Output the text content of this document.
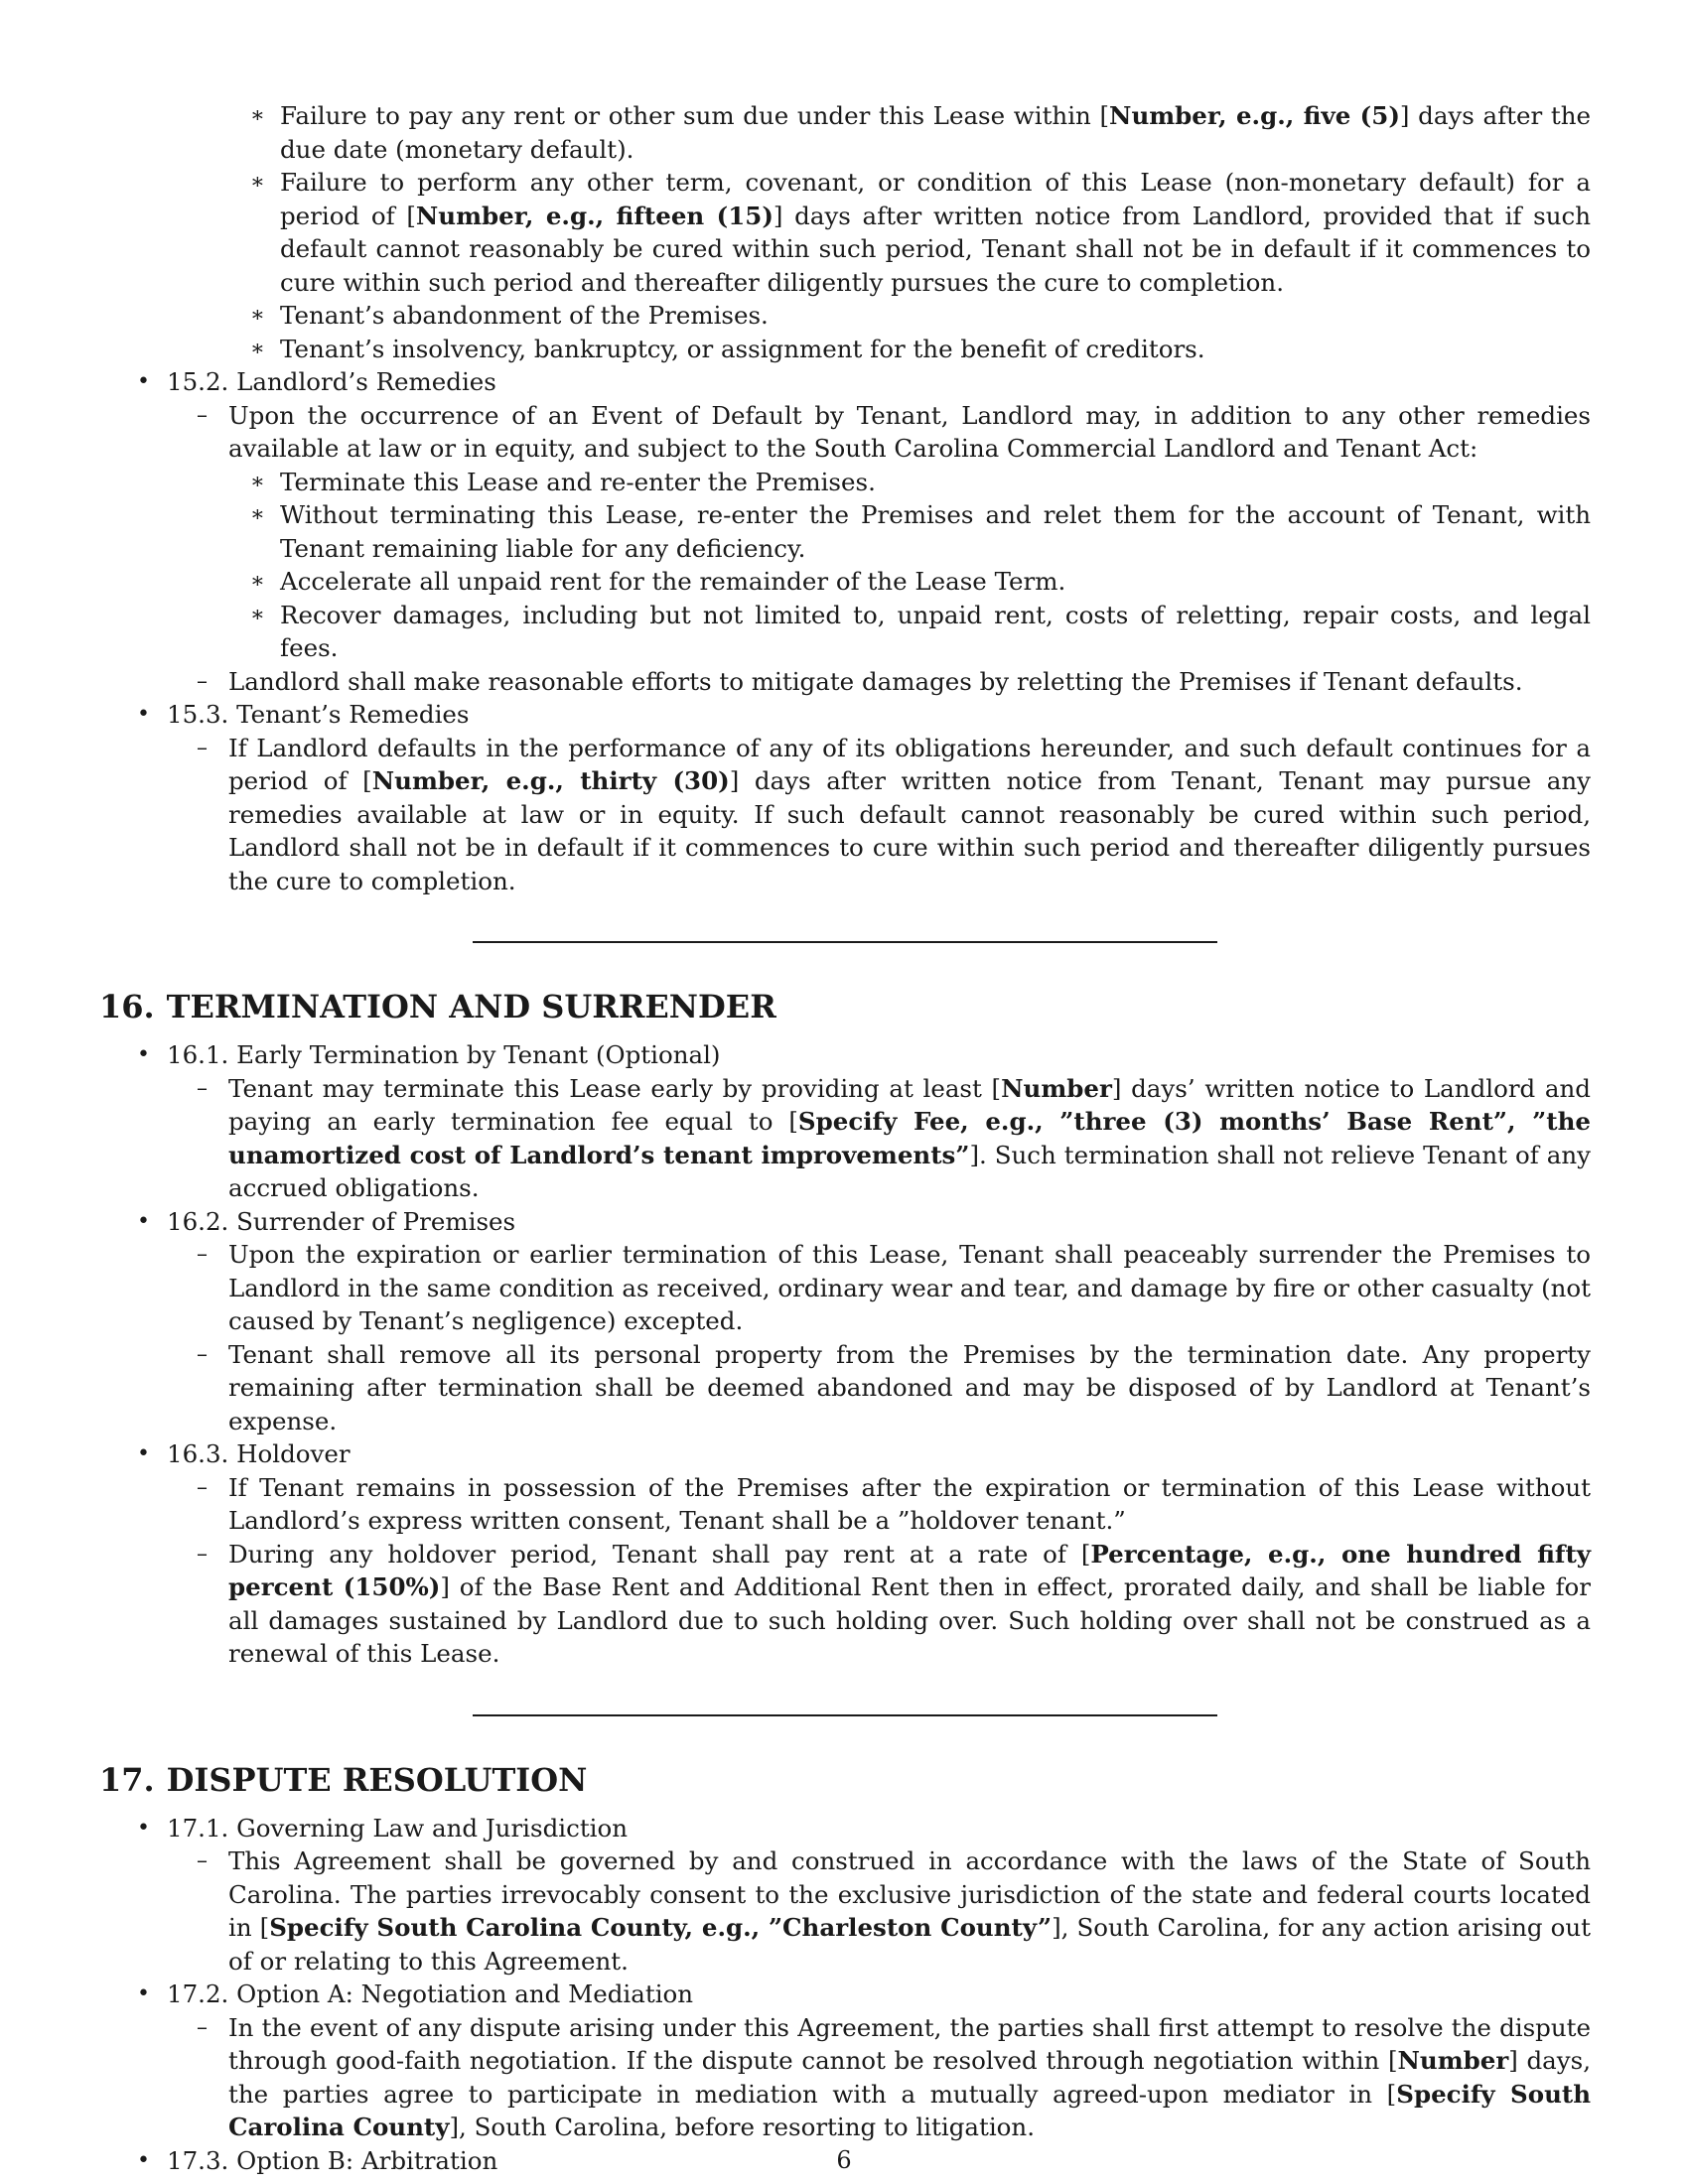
∗ Failure to pay any rent or other sum due under this Lease within [Number, e.g., five (5)] days after the due date (monetary default).
∗ Failure to perform any other term, covenant, or condition of this Lease (non-monetary default) for a period of [Number, e.g., fifteen (15)] days after written notice from Landlord, provided that if such default cannot reasonably be cured within such period, Tenant shall not be in default if it commences to cure within such period and thereafter diligently pursues the cure to completion.
∗ Tenant’s abandonment of the Premises.
∗ Tenant’s insolvency, bankruptcy, or assignment for the benefit of creditors.
• 15.2. Landlord’s Remedies
– Upon the occurrence of an Event of Default by Tenant, Landlord may, in addition to any other remedies available at law or in equity, and subject to the South Carolina Commercial Landlord and Tenant Act:
∗ Terminate this Lease and re-enter the Premises.
∗ Without terminating this Lease, re-enter the Premises and relet them for the account of Tenant, with Tenant remaining liable for any deficiency.
∗ Accelerate all unpaid rent for the remainder of the Lease Term.
∗ Recover damages, including but not limited to, unpaid rent, costs of reletting, repair costs, and legal fees.
– Landlord shall make reasonable efforts to mitigate damages by reletting the Premises if Tenant defaults.
• 15.3. Tenant’s Remedies
– If Landlord defaults in the performance of any of its obligations hereunder, and such default continues for a period of [Number, e.g., thirty (30)] days after written notice from Tenant, Tenant may pursue any remedies available at law or in equity. If such default cannot reasonably be cured within such period, Landlord shall not be in default if it commences to cure within such period and thereafter diligently pursues the cure to completion.
16. TERMINATION AND SURRENDER
• 16.1. Early Termination by Tenant (Optional)
– Tenant may terminate this Lease early by providing at least [Number] days’ written notice to Landlord and paying an early termination fee equal to [Specify Fee, e.g., ”three (3) months’ Base Rent”, ”the unamortized cost of Landlord’s tenant improvements”]. Such termination shall not relieve Tenant of any accrued obligations.
• 16.2. Surrender of Premises
– Upon the expiration or earlier termination of this Lease, Tenant shall peaceably surrender the Premises to Landlord in the same condition as received, ordinary wear and tear, and damage by fire or other casualty (not caused by Tenant’s negligence) excepted.
– Tenant shall remove all its personal property from the Premises by the termination date. Any property remaining after termination shall be deemed abandoned and may be disposed of by Landlord at Tenant’s expense.
• 16.3. Holdover
– If Tenant remains in possession of the Premises after the expiration or termination of this Lease without Landlord’s express written consent, Tenant shall be a ”holdover tenant.”
– During any holdover period, Tenant shall pay rent at a rate of [Percentage, e.g., one hundred fifty percent (150%)] of the Base Rent and Additional Rent then in effect, prorated daily, and shall be liable for all damages sustained by Landlord due to such holding over. Such holding over shall not be construed as a renewal of this Lease.
17. DISPUTE RESOLUTION
• 17.1. Governing Law and Jurisdiction
– This Agreement shall be governed by and construed in accordance with the laws of the State of South Carolina. The parties irrevocably consent to the exclusive jurisdiction of the state and federal courts located in [Specify South Carolina County, e.g., ”Charleston County”], South Carolina, for any action arising out of or relating to this Agreement.
• 17.2. Option A: Negotiation and Mediation
– In the event of any dispute arising under this Agreement, the parties shall first attempt to resolve the dispute through good-faith negotiation. If the dispute cannot be resolved through negotiation within [Number] days, the parties agree to participate in mediation with a mutually agreed-upon mediator in [Specify South Carolina County], South Carolina, before resorting to litigation.
• 17.3. Option B: Arbitration	6
